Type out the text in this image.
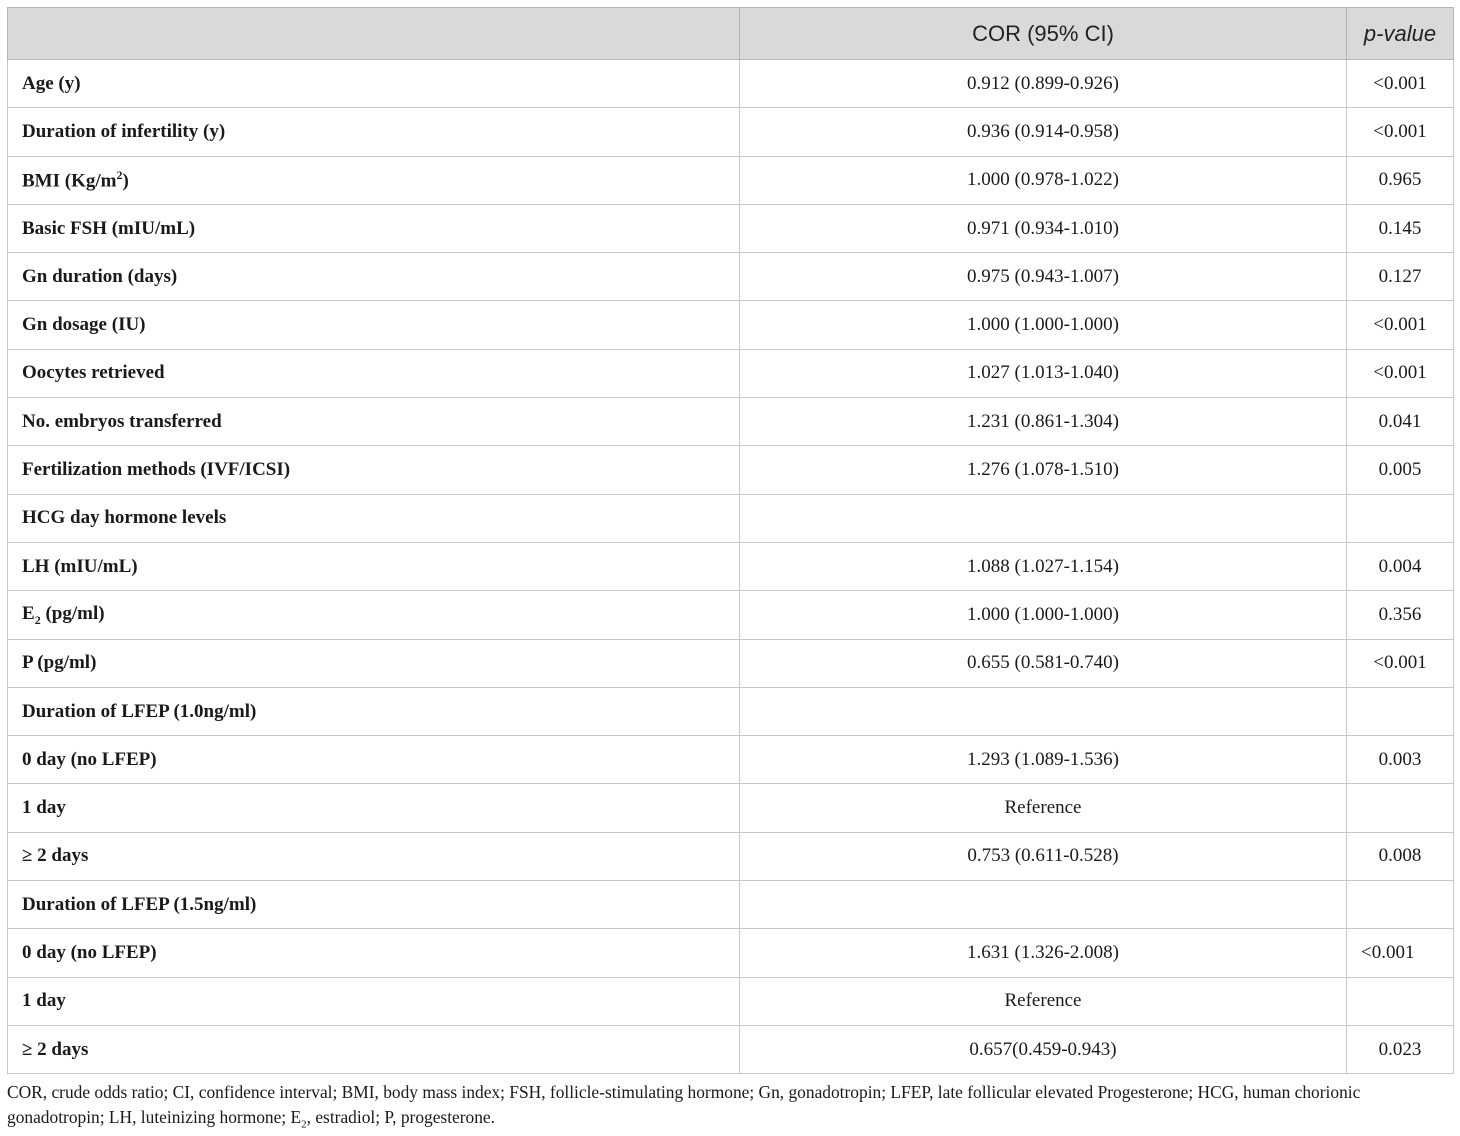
	COR (95% CI)	p-value
Age (y)	0.912 (0.899-0.926)	<0.001
Duration of infertility (y)	0.936 (0.914-0.958)	<0.001
BMI $(Kg/m^2)$	1.000 (0.978-1.022)	0.965
Basic FSH (mIU/mL)	0.971 (0.934-1.010)	0.145
Gn duration (days)	0.975 (0.943-1.007)	0.127
Gn dosage (IU)	1.000 (1.000-1.000)	<0.001
Oocytes retrieved	1.027 (1.013-1.040)	<0.001
No. embryos transferred	1.231 (0.861-1.304)	0.041
Fertilization methods (IVF/ICSI)	1.276 (1.078-1.510)	0.005
HCG day hormone levels		
LH (mIU/mL)	1.088 (1.027-1.154)	0.004
$E_2$ (pg/ml)	1.000 (1.000-1.000)	0.356
P (pg/ml)	0.655 (0.581-0.740)	<0.001
Duration of LFEP (1.0ng/ml)		
0 day (no LFEP)	1.293 (1.089-1.536)	0.003
1 day	Reference	
≥ 2 days	0.753 (0.611-0.528)	0.008
Duration of LFEP (1.5ng/ml)		
0 day (no LFEP)	1.631 (1.326-2.008)	<0.001
1 day	Reference	
≥ 2 days	0.657(0.459-0.943)	0.023
COR, crude odds ratio; CI, confidence interval; BMI, body mass index; FSH, follicle-stimulating hormone; Gn, gonadotropin; LFEP, late follicular elevated Progesterone; HCG, human chorionic gonadotropin; LH, luteinizing hormone; $E_2$, estradiol; P, progesterone.
